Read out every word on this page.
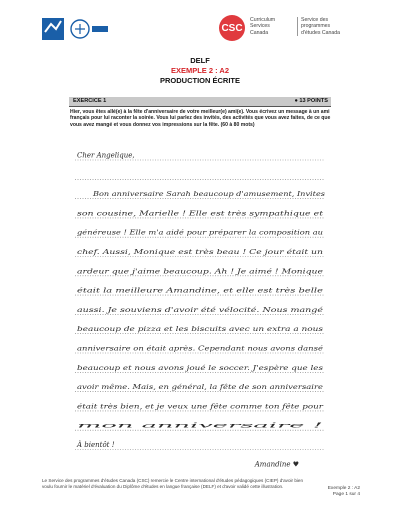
CSC
Curriculum
Services
Canada
Service des
programmes
d'études Canada
DELF
EXEMPLE 2 : A2
PRODUCTION ÉCRITE
EXERCICE 1	● 13 POINTS
Hier, vous êtes allé(e) à la fête d'anniversaire de votre meilleur(e) ami(e). Vous écrivez un message à un ami français pour lui raconter la soirée. Vous lui parlez des invités, des activités que vous avez faites, de ce que vous avez mangé et vous donnez vos impressions sur la fête. (60 à 80 mots)
Cher Angelique,
Bon anniversaire Sarah beaucoup d'amusement, Invites
son cousine, Marielle ! Elle est très sympathique et
généreuse ! Elle m'a aidé pour préparer la composition au
chef. Aussi, Monique est très beau ! Ce jour était un
ardeur que j'aime beaucoup. Ah ! Je aimé ! Monique
était la meilleure Amandine, et elle est très belle
aussi. Je souviens d'avoir été vélocité. Nous mangé
beaucoup de pizza et les biscuits avec un extra a nous
anniversaire on était après. Cependant nous avons dansé
beaucoup et nous avons joué le soccer. J'espère que les
avoir même. Mais, en général, la fête de son anniversaire
était très bien, et je veux une fête comme ton fête pour
mon anniversaire !
À bientôt !
Amandine ♥
Le Service des programmes d'études Canada (CSC) remercie le Centre international d'études pédagogiques (CIEP) d'avoir bien voulu fournir le matériel d'évaluation du Diplôme d'études en langue française (DELF) et d'avoir validé cette illustration.	Exemple 2 : A2
Page 1 sur 4
